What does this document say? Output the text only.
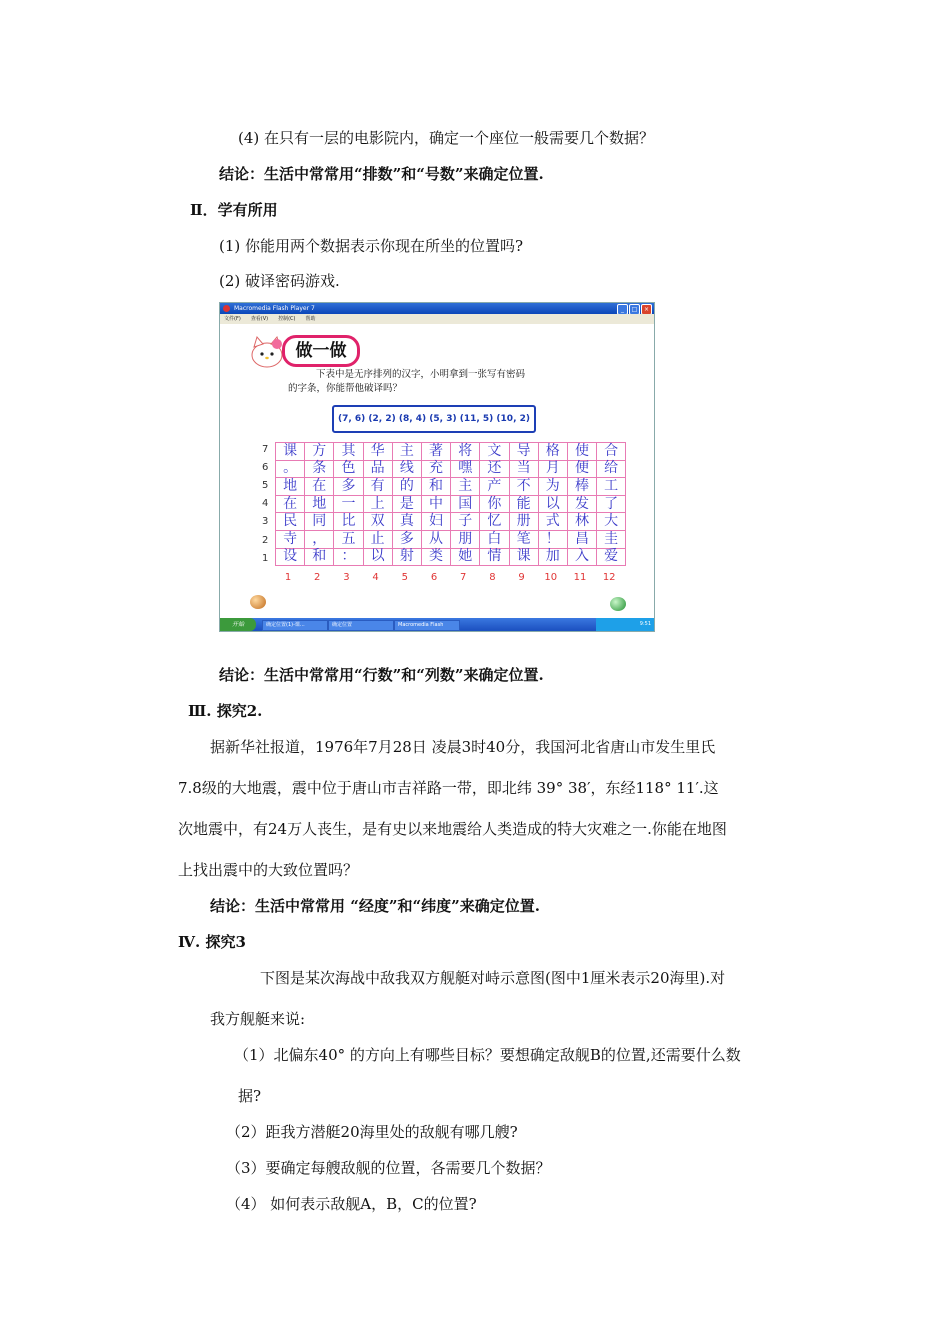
(4) 在只有一层的电影院内，确定一个座位一般需要几个数据？
结论：生活中常常用“排数”和“号数”来确定位置.
Ⅱ．学有所用
(1) 你能用两个数据表示你现在所坐的位置吗?
(2) 破译密码游戏.
Macromedia Flash Player 7	_	□	×
文件(F) 查看(V) 控制(C) 帮助
做一做
下表中是无序排列的汉字，小明拿到一张写有密码
的字条，你能帮他破译吗？
(7, 6) (2, 2) (8, 4) (5, 3) (11, 5) (10, 2)
课	方	其	华	主	著	将	文	导	格	使	合
。	条	色	品	线	充	嘿	还	当	月	便	给
地	在	多	有	的	和	主	产	不	为	棒	工
在	地	一	上	是	中	国	你	能	以	发	了
民	同	比	双	真	妇	子	忆	册	式	林	大
寺	，	五	止	多	从	朋	白	笔	！	昌	圭
设	和	：	以	射	类	她	情	课	加	入	爱
7
6
5
4
3
2
1
1	2	3	4	5	6	7	8	9	10	11	12
开始	确定位置(1)-课...	确定位置	Macromedia Flash	9:51
结论：生活中常常用“行数”和“列数”来确定位置.
Ⅲ. 探究2.
据新华社报道，1976年7月28日 凌晨3时40分，我国河北省唐山市发生里氏
7.8级的大地震，震中位于唐山市吉祥路一带，即北纬 39° 38′，东经118° 11′.这
次地震中，有24万人丧生，是有史以来地震给人类造成的特大灾难之一.你能在地图
上找出震中的大致位置吗？
结论：生活中常常用 “经度”和“纬度”来确定位置.
Ⅳ. 探究3
下图是某次海战中敌我双方舰艇对峙示意图(图中1厘米表示20海里).对
我方舰艇来说:
（1）北偏东40° 的方向上有哪些目标？要想确定敌舰B的位置,还需要什么数
据?
（2）距我方潜艇20海里处的敌舰有哪几艘?
（3）要确定每艘敌舰的位置，各需要几个数据？
（4） 如何表示敌舰A，B，C的位置?
